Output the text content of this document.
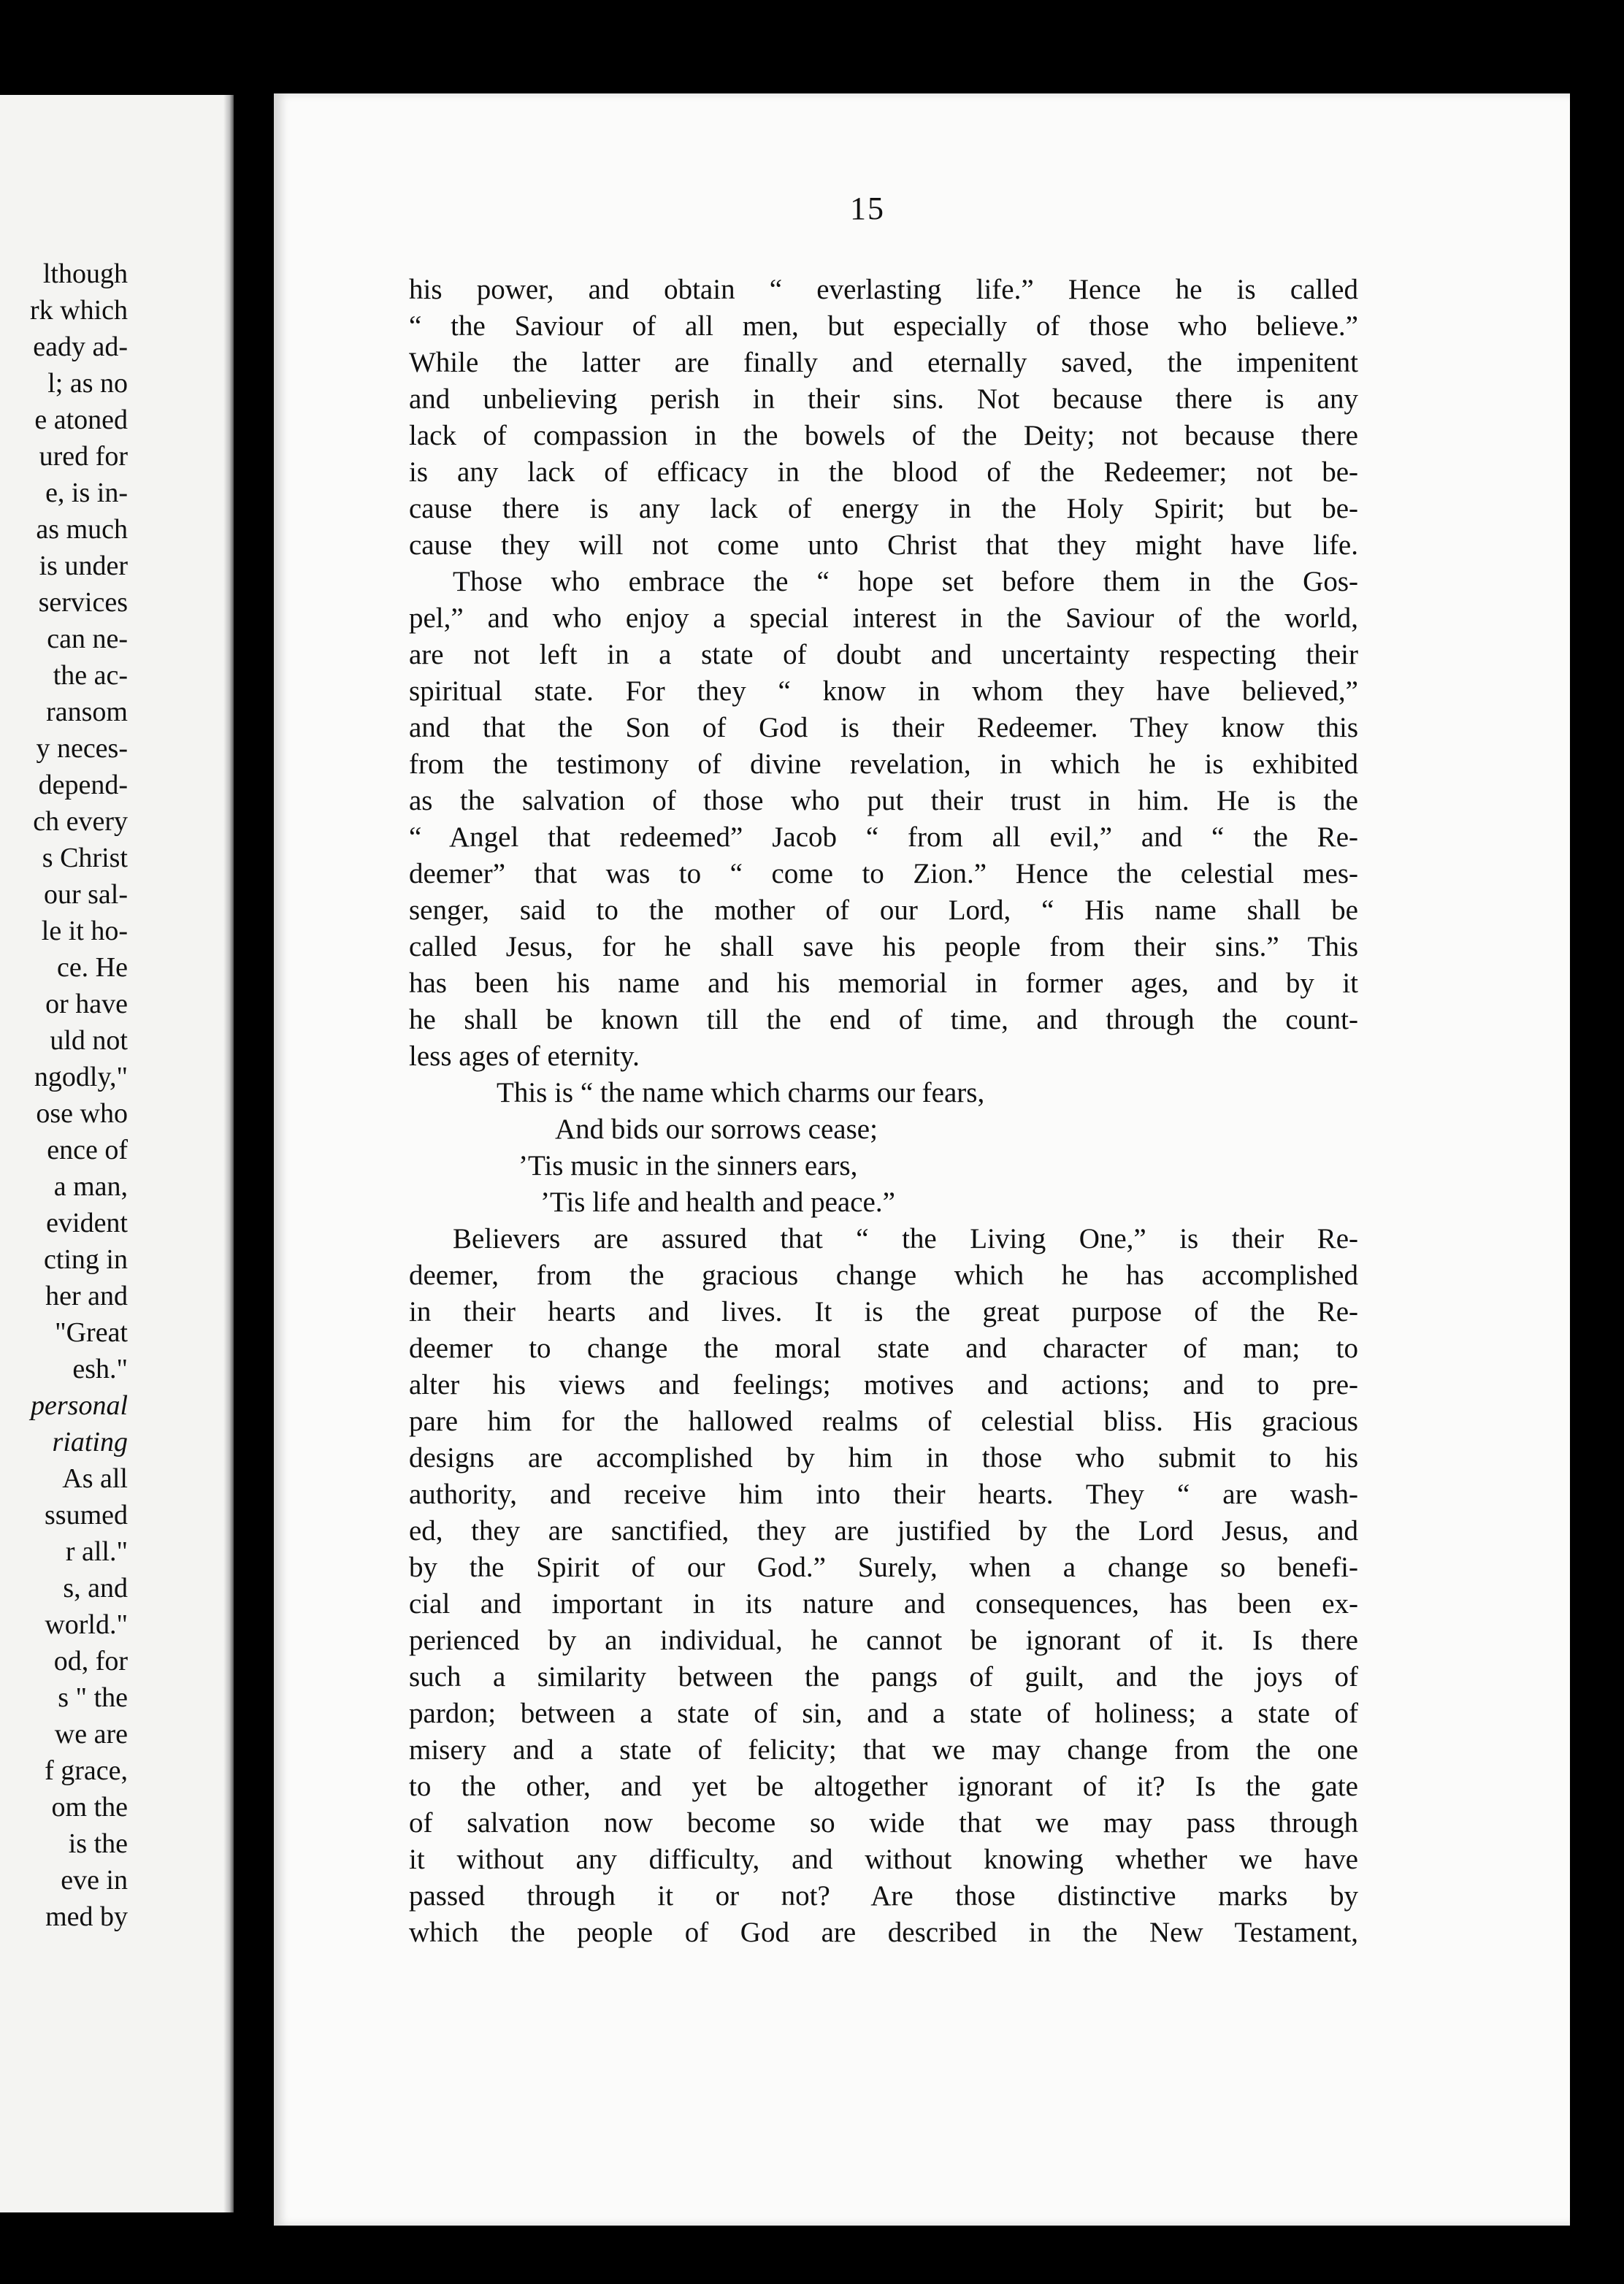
lthough
rk which
eady ad-
l; as no
e atoned
ured for
e, is in-
as much
is under
services
can ne-
the ac-
ransom
y neces-
depend-
ch every
s Christ
our sal-
le it ho-
ce. He
or have
uld not
ngodly,"
ose who
ence of
a man,
evident
cting in
her and
"Great
esh."
personal
riating
As all
ssumed
r all."
s, and
world."
od, for
s " the
we are
f grace,
om the
is the
eve in
med by
15
his power, and obtain “ everlasting life.” Hence he is called
“ the Saviour of all men, but especially of those who believe.”
While the latter are finally and eternally saved, the impenitent
and unbelieving perish in their sins. Not because there is any
lack of compassion in the bowels of the Deity; not because there
is any lack of efficacy in the blood of the Redeemer; not be-
cause there is any lack of energy in the Holy Spirit; but be-
cause they will not come unto Christ that they might have life.
Those who embrace the “ hope set before them in the Gos-
pel,” and who enjoy a special interest in the Saviour of the world,
are not left in a state of doubt and uncertainty respecting their
spiritual state. For they “ know in whom they have believed,”
and that the Son of God is their Redeemer. They know this
from the testimony of divine revelation, in which he is exhibited
as the salvation of those who put their trust in him. He is the
“ Angel that redeemed” Jacob “ from all evil,” and “ the Re-
deemer” that was to “ come to Zion.” Hence the celestial mes-
senger, said to the mother of our Lord, “ His name shall be
called Jesus, for he shall save his people from their sins.” This
has been his name and his memorial in former ages, and by it
he shall be known till the end of time, and through the count-
less ages of eternity.
This is “ the name which charms our fears,
And bids our sorrows cease;
’Tis music in the sinners ears,
’Tis life and health and peace.”
Believers are assured that “ the Living One,” is their Re-
deemer, from the gracious change which he has accomplished
in their hearts and lives. It is the great purpose of the Re-
deemer to change the moral state and character of man; to
alter his views and feelings; motives and actions; and to pre-
pare him for the hallowed realms of celestial bliss. His gracious
designs are accomplished by him in those who submit to his
authority, and receive him into their hearts. They “ are wash-
ed, they are sanctified, they are justified by the Lord Jesus, and
by the Spirit of our God.” Surely, when a change so benefi-
cial and important in its nature and consequences, has been ex-
perienced by an individual, he cannot be ignorant of it. Is there
such a similarity between the pangs of guilt, and the joys of
pardon; between a state of sin, and a state of holiness; a state of
misery and a state of felicity; that we may change from the one
to the other, and yet be altogether ignorant of it? Is the gate
of salvation now become so wide that we may pass through
it without any difficulty, and without knowing whether we have
passed through it or not? Are those distinctive marks by
which the people of God are described in the New Testament,
